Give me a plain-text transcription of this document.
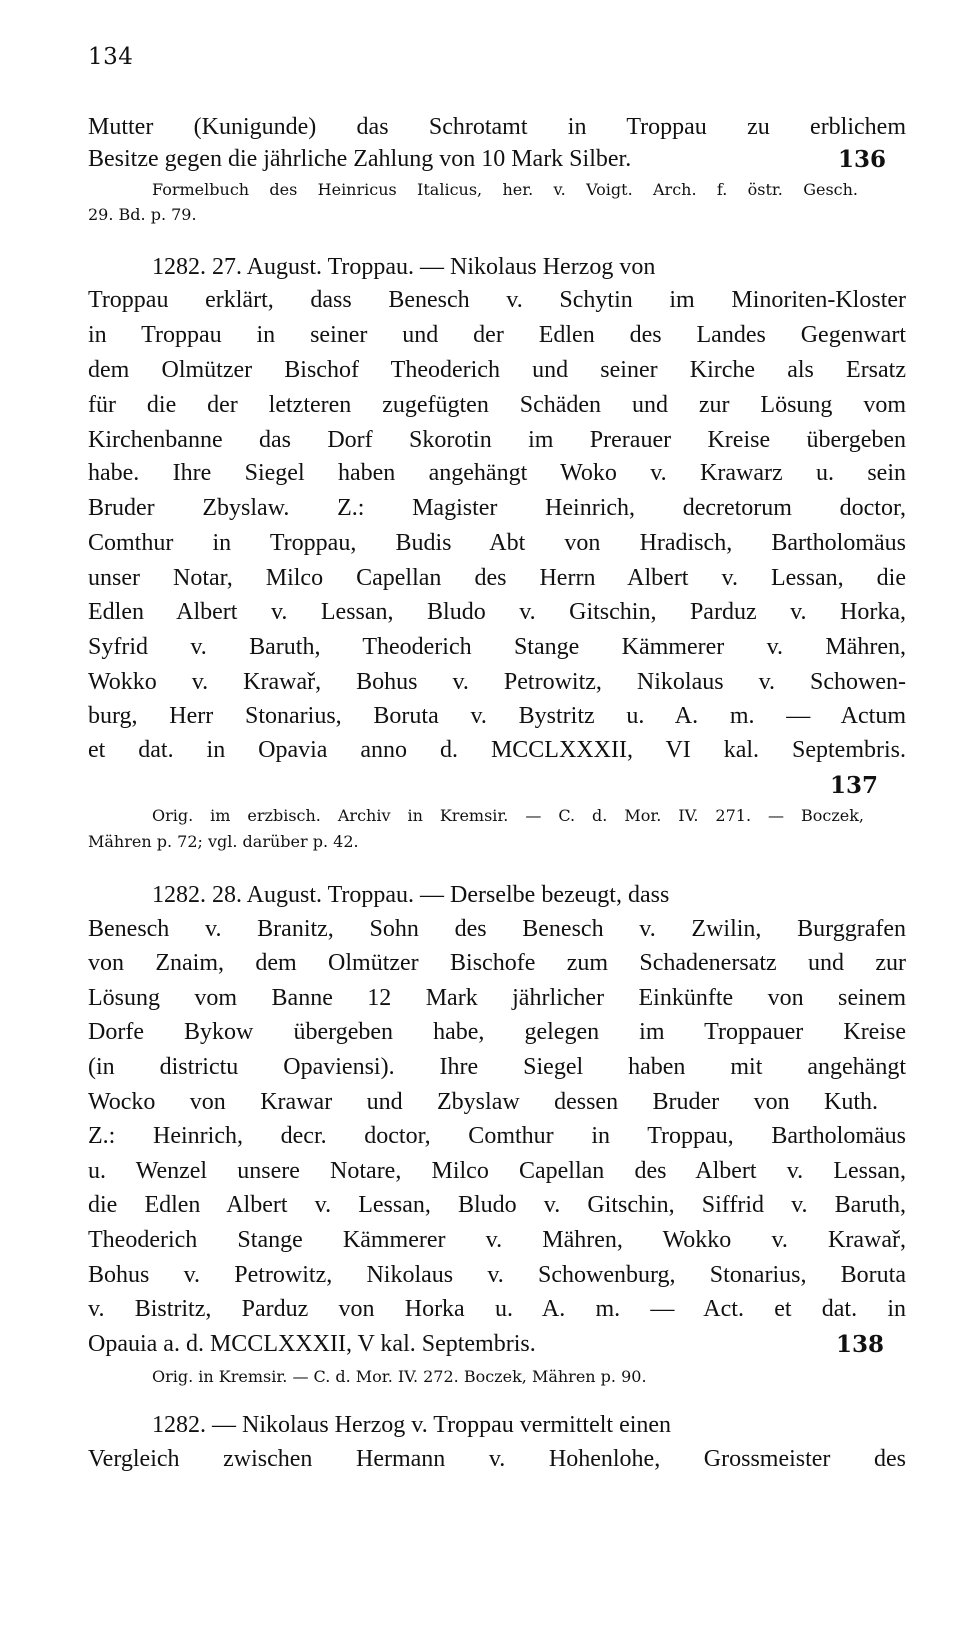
134
Mutter (Kunigunde) das Schrotamt in Troppau zu erblichem
Besitze gegen die jährliche Zahlung von 10 Mark Silber.	136
Formelbuch des Heinricus Italicus, her. v. Voigt. Arch. f. östr. Gesch.
29. Bd. p. 79.
1282. 27. August. Troppau. — Nikolaus Herzog von
Troppau erklärt, dass Benesch v. Schytin im Minoriten-Kloster
in Troppau in seiner und der Edlen des Landes Gegenwart
dem Olmützer Bischof Theoderich und seiner Kirche als Ersatz
für die der letzteren zugefügten Schäden und zur Lösung vom
Kirchenbanne das Dorf Skorotin im Prerauer Kreise übergeben
habe. Ihre Siegel haben angehängt Woko v. Krawarz u. sein
Bruder Zbyslaw. Z.: Magister Heinrich, decretorum doctor,
Comthur in Troppau, Budis Abt von Hradisch, Bartholomäus
unser Notar, Milco Capellan des Herrn Albert v. Lessan, die
Edlen Albert v. Lessan, Bludo v. Gitschin, Parduz v. Horka,
Syfrid v. Baruth, Theoderich Stange Kämmerer v. Mähren,
Wokko v. Krawař, Bohus v. Petrowitz, Nikolaus v. Schowen-
burg, Herr Stonarius, Boruta v. Bystritz u. A. m. — Actum
et dat. in Opavia anno d. MCCLXXXII, VI kal. Septembris.
137
Orig. im erzbisch. Archiv in Kremsir. — C. d. Mor. IV. 271. — Boczek,
Mähren p. 72; vgl. darüber p. 42.
1282. 28. August. Troppau. — Derselbe bezeugt, dass
Benesch v. Branitz, Sohn des Benesch v. Zwilin, Burggrafen
von Znaim, dem Olmützer Bischofe zum Schadenersatz und zur
Lösung vom Banne 12 Mark jährlicher Einkünfte von seinem
Dorfe Bykow übergeben habe, gelegen im Troppauer Kreise
(in districtu Opaviensi). Ihre Siegel haben mit angehängt
Wocko von Krawar und Zbyslaw dessen Bruder von Kuth.
Z.: Heinrich, decr. doctor, Comthur in Troppau, Bartholomäus
u. Wenzel unsere Notare, Milco Capellan des Albert v. Lessan,
die Edlen Albert v. Lessan, Bludo v. Gitschin, Siffrid v. Baruth,
Theoderich Stange Kämmerer v. Mähren, Wokko v. Krawař,
Bohus v. Petrowitz, Nikolaus v. Schowenburg, Stonarius, Boruta
v. Bistritz, Parduz von Horka u. A. m. — Act. et dat. in
Opauia a. d. MCCLXXXII, V kal. Septembris.	138
Orig. in Kremsir. — C. d. Mor. IV. 272. Boczek, Mähren p. 90.
1282. — Nikolaus Herzog v. Troppau vermittelt einen
Vergleich zwischen Hermann v. Hohenlohe, Grossmeister des
